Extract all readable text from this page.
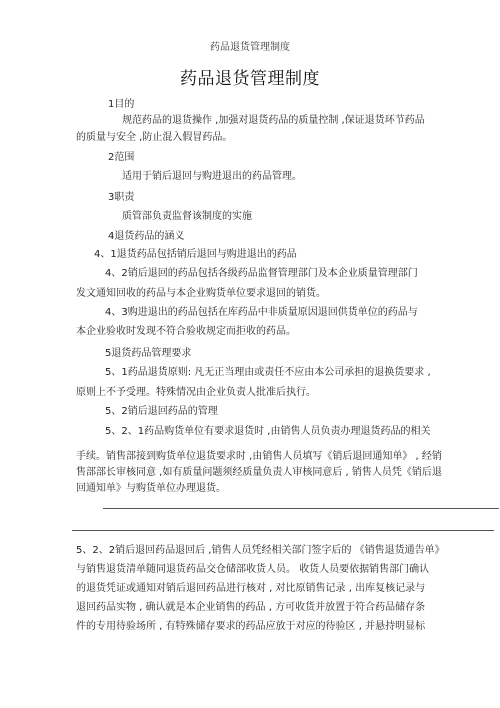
药品退货管理制度
药品退货管理制度
1目的
规范药品的退货操作 ,加强对退货药品的质量控制 ,保证退货环节药品
的质量与安全 ,防止混入假冒药品。
2范围
适用于销后退回与购进退出的药品管理。
3职责
质管部负责监督该制度的实施
4退货药品的涵义
4、1退货药品包括销后退回与购进退出的药品
4、2销后退回的药品包括各级药品监督管理部门及本企业质量管理部门
发文通知回收的药品与本企业购货单位要求退回的销货。
4、3购进退出的药品包括在库药品中非质量原因退回供货单位的药品与
本企业验收时发现不符合验收规定而拒收的药品。
5退货药品管理要求
5、1药品退货原则: 凡无正当理由或责任不应由本公司承担的退换货要求 ,
原则上不予受理。特殊情况由企业负责人批准后执行。
5、2销后退回药品的管理
5、2、1药品购货单位有要求退货时 ,由销售人员负责办理退货药品的相关
手续。销售部接到购货单位退货要求时 ,由销售人员填写《销后退回通知单》 , 经销
售部部长审核同意 ,如有质量问题须经质量负责人审核同意后 , 销售人员凭《销后退
回通知单》与购货单位办理退货。
5、2、2销后退回药品退回后 ,销售人员凭经相关部门签字后的 《销售退货通告单》
与销售退货清单随同退货药品交仓储部收货人员。 收货人员要依据销售部门确认
的退货凭证或通知对销后退回药品进行核对 , 对比原销售记录 , 出库复核记录与
退回药品实物 , 确认就是本企业销售的药品 , 方可收货并放置于符合药品储存条
件的专用待验场所 , 有特殊储存要求的药品应放于对应的待验区 , 并悬持明显标
